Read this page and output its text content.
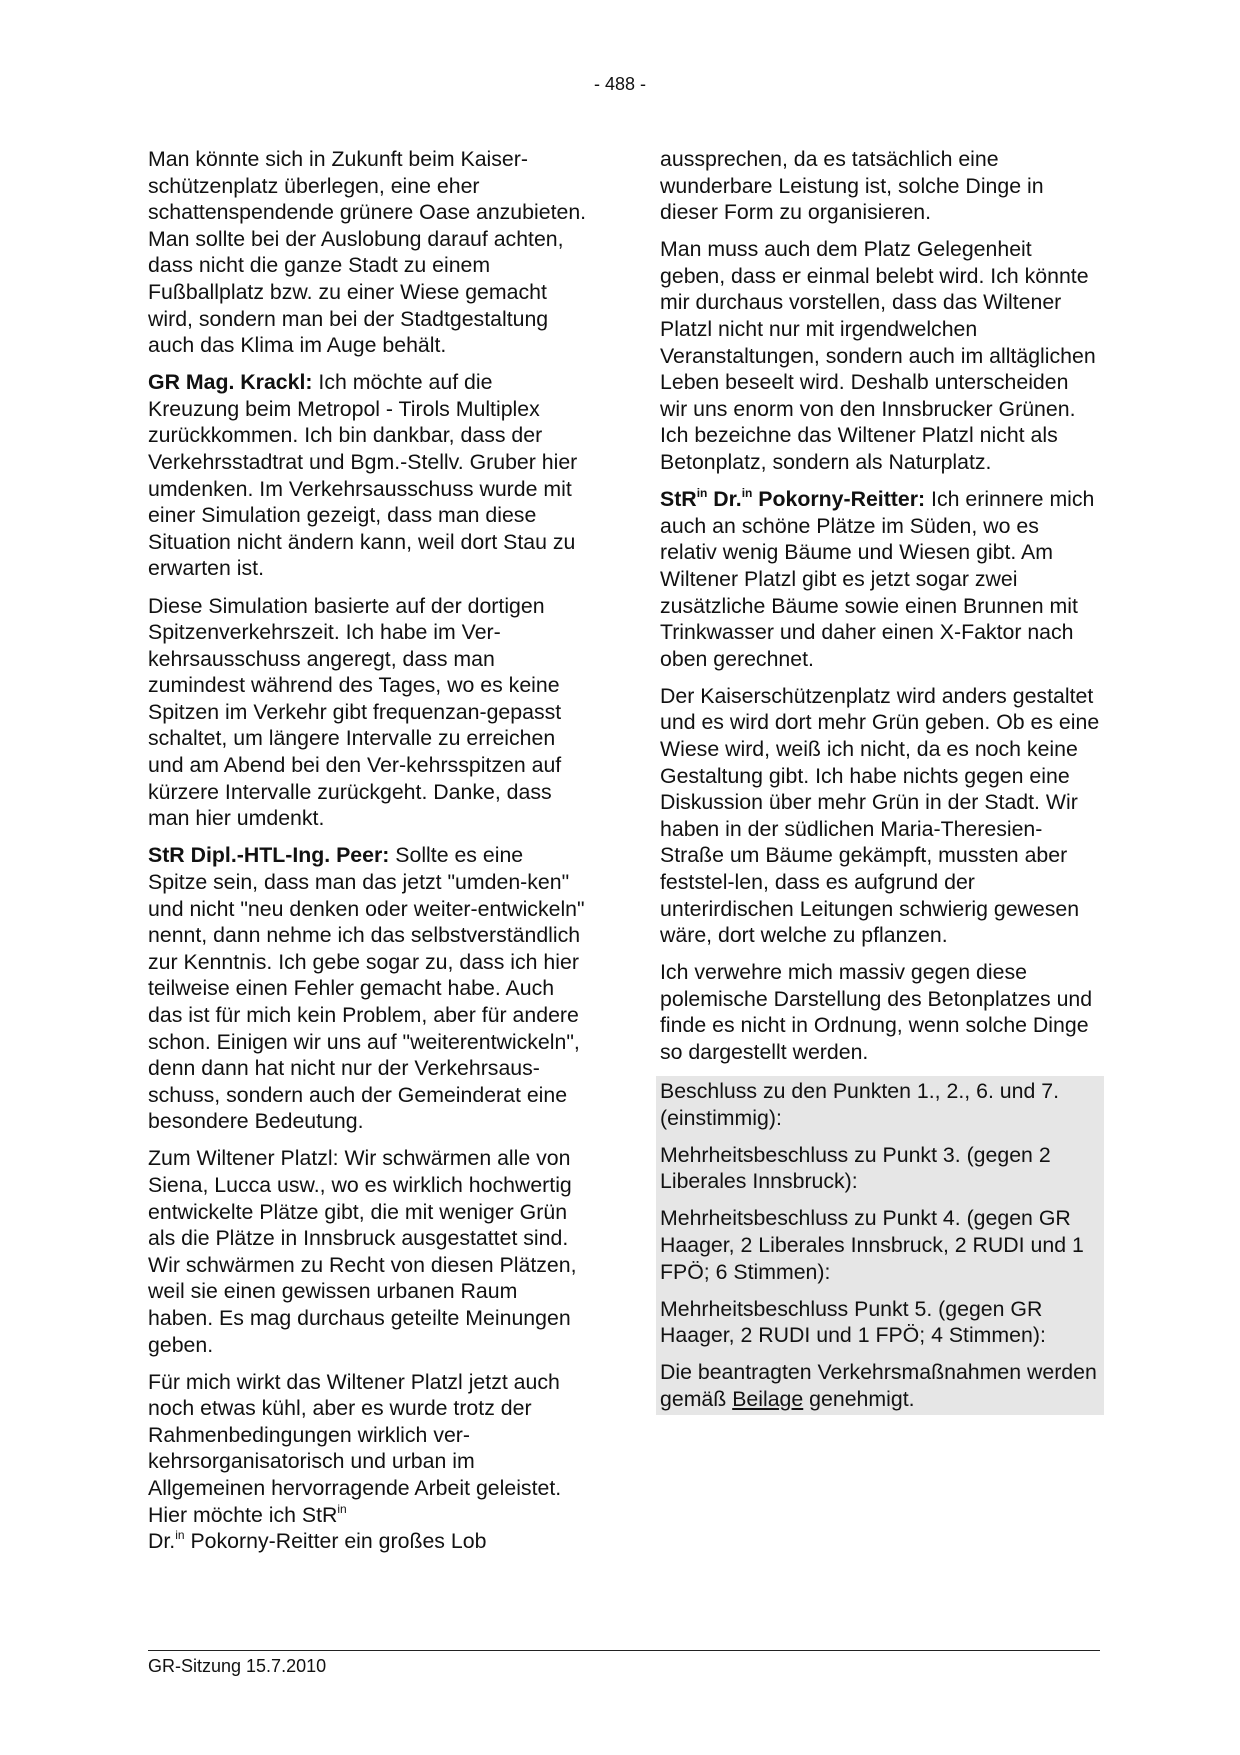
- 488 -

Man könnte sich in Zukunft beim Kaiser-schützenplatz überlegen, eine eher schattenspendende grünere Oase anzubieten. Man sollte bei der Auslobung darauf achten, dass nicht die ganze Stadt zu einem Fußballplatz bzw. zu einer Wiese gemacht wird, sondern man bei der Stadtgestaltung auch das Klima im Auge behält.

GR Mag. Krackl: Ich möchte auf die Kreuzung beim Metropol - Tirols Multiplex zurückkommen. Ich bin dankbar, dass der Verkehrsstadtrat und Bgm.-Stellv. Gruber hier umdenken. Im Verkehrsausschuss wurde mit einer Simulation gezeigt, dass man diese Situation nicht ändern kann, weil dort Stau zu erwarten ist.

Diese Simulation basierte auf der dortigen Spitzenverkehrszeit. Ich habe im Ver-kehrsausschuss angeregt, dass man zumindest während des Tages, wo es keine Spitzen im Verkehr gibt frequenzan-gepasst schaltet, um längere Intervalle zu erreichen und am Abend bei den Ver-kehrsspitzen auf kürzere Intervalle zurückgeht. Danke, dass man hier umdenkt.

StR Dipl.-HTL-Ing. Peer: Sollte es eine Spitze sein, dass man das jetzt "umden-ken" und nicht "neu denken oder weiter-entwickeln" nennt, dann nehme ich das selbstverständlich zur Kenntnis. Ich gebe sogar zu, dass ich hier teilweise einen Fehler gemacht habe. Auch das ist für mich kein Problem, aber für andere schon. Einigen wir uns auf "weiterentwickeln", denn dann hat nicht nur der Verkehrsaus-schuss, sondern auch der Gemeinderat eine besondere Bedeutung.

Zum Wiltener Platzl: Wir schwärmen alle von Siena, Lucca usw., wo es wirklich hochwertig entwickelte Plätze gibt, die mit weniger Grün als die Plätze in Innsbruck ausgestattet sind. Wir schwärmen zu Recht von diesen Plätzen, weil sie einen gewissen urbanen Raum haben. Es mag durchaus geteilte Meinungen geben.

Für mich wirkt das Wiltener Platzl jetzt auch noch etwas kühl, aber es wurde trotz der Rahmenbedingungen wirklich ver-kehrsorganisatorisch und urban im Allgemeinen hervorragende Arbeit geleistet. Hier möchte ich StR$^{in}$
Dr.$^{in}$ Pokorny-Reitter ein großes Lob

aussprechen, da es tatsächlich eine wunderbare Leistung ist, solche Dinge in dieser Form zu organisieren.

Man muss auch dem Platz Gelegenheit geben, dass er einmal belebt wird. Ich könnte mir durchaus vorstellen, dass das Wiltener Platzl nicht nur mit irgendwelchen Veranstaltungen, sondern auch im alltäglichen Leben beseelt wird. Deshalb unterscheiden wir uns enorm von den Innsbrucker Grünen. Ich bezeichne das Wiltener Platzl nicht als Betonplatz, sondern als Naturplatz.

StR$^{in}$ Dr.$^{in}$ Pokorny-Reitter: Ich erinnere mich auch an schöne Plätze im Süden, wo es relativ wenig Bäume und Wiesen gibt. Am Wiltener Platzl gibt es jetzt sogar zwei zusätzliche Bäume sowie einen Brunnen mit Trinkwasser und daher einen X-Faktor nach oben gerechnet.

Der Kaiserschützenplatz wird anders gestaltet und es wird dort mehr Grün geben. Ob es eine Wiese wird, weiß ich nicht, da es noch keine Gestaltung gibt. Ich habe nichts gegen eine Diskussion über mehr Grün in der Stadt. Wir haben in der südlichen Maria-Theresien-Straße um Bäume gekämpft, mussten aber feststel-len, dass es aufgrund der unterirdischen Leitungen schwierig gewesen wäre, dort welche zu pflanzen.

Ich verwehre mich massiv gegen diese polemische Darstellung des Betonplatzes und finde es nicht in Ordnung, wenn solche Dinge so dargestellt werden.

Beschluss zu den Punkten 1., 2., 6. und 7. (einstimmig):

Mehrheitsbeschluss zu Punkt 3. (gegen 2 Liberales Innsbruck):

Mehrheitsbeschluss zu Punkt 4. (gegen GR Haager, 2 Liberales Innsbruck, 2 RUDI und 1 FPÖ; 6 Stimmen):

Mehrheitsbeschluss Punkt 5. (gegen GR Haager, 2 RUDI und 1 FPÖ; 4 Stimmen):

Die beantragten Verkehrsmaßnahmen werden gemäß Beilage genehmigt.

GR-Sitzung 15.7.2010
